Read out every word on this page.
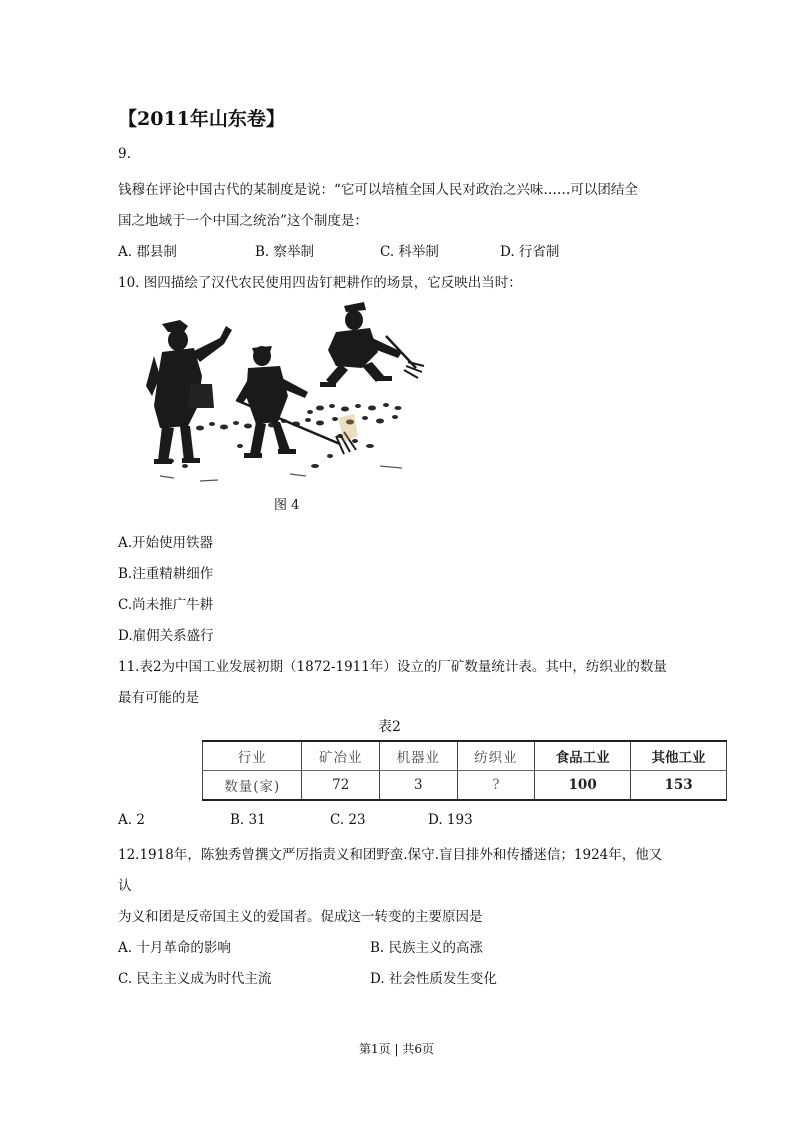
【2011年山东卷】
9.
钱穆在评论中国古代的某制度是说：“它可以培植全国人民对政治之兴味……可以团结全
国之地域于一个中国之统治”这个制度是：
A. 郡县制	B. 察举制	C. 科举制	D. 行省制
10. 图四描绘了汉代农民使用四齿钉耙耕作的场景，它反映出当时：
图 4
A.开始使用铁器
B.注重精耕细作
C.尚未推广牛耕
D.雇佣关系盛行
11.表2为中国工业发展初期（1872-1911年）设立的厂矿数量统计表。其中，纺织业的数量
最有可能的是
表2
行业	矿冶业	机器业	纺织业	食品工业	其他工业
数量(家)	72	3	?	100	153
A. 2	B. 31	C. 23	D. 193
12.1918年，陈独秀曾撰文严厉指责义和团野蛮.保守.盲目排外和传播迷信；1924年，他又
认
为义和团是反帝国主义的爱国者。促成这一转变的主要原因是
A. 十月革命的影响	B. 民族主义的高涨
C. 民主主义成为时代主流	D. 社会性质发生变化
第1页 | 共6页
